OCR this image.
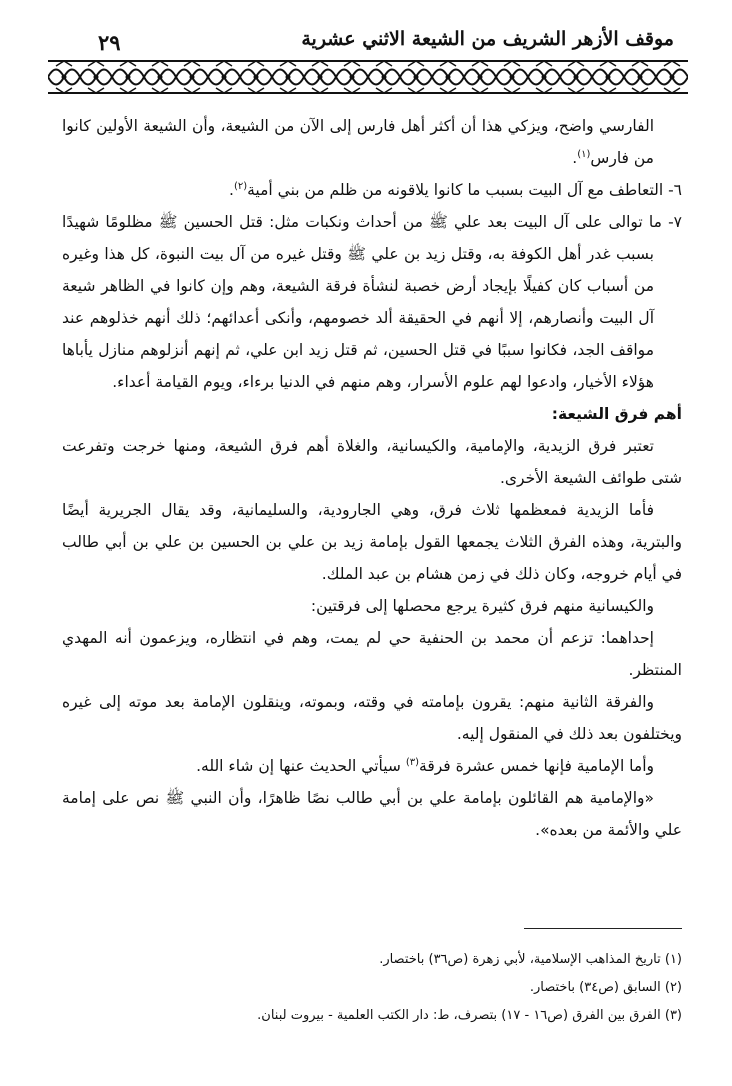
موقف الأزهر الشريف من الشيعة الاثني عشرية
٢٩

الفارسي واضح، ويزكي هذا أن أكثر أهل فارس إلى الآن من الشيعة، وأن الشيعة الأولين كانوا من فارس$^{(١)}$.

٦- التعاطف مع آل البيت بسبب ما كانوا يلاقونه من ظلم من بني أمية$^{(٢)}$.

٧- ما توالى على آل البيت بعد علي ﷺ من أحداث ونكبات مثل: قتل الحسين ﷺ مظلومًا شهيدًا بسبب غدر أهل الكوفة به، وقتل زيد بن علي ﷺ وقتل غيره من آل بيت النبوة، كل هذا وغيره من أسباب كان كفيلًا بإيجاد أرض خصبة لنشأة فرقة الشيعة، وهم وإن كانوا في الظاهر شيعة آل البيت وأنصارهم، إلا أنهم في الحقيقة ألد خصومهم، وأنكى أعدائهم؛ ذلك أنهم خذلوهم عند مواقف الجد، فكانوا سببًا في قتل الحسين، ثم قتل زيد ابن علي، ثم إنهم أنزلوهم منازل يأباها هؤلاء الأخيار، وادعوا لهم علوم الأسرار، وهم منهم في الدنيا برءاء، ويوم القيامة أعداء.

أهم فرق الشيعة:

تعتبر فرق الزيدية، والإمامية، والكيسانية، والغلاة أهم فرق الشيعة، ومنها خرجت وتفرعت شتى طوائف الشيعة الأخرى.

فأما الزيدية فمعظمها ثلاث فرق، وهي الجارودية، والسليمانية، وقد يقال الجريرية أيضًا والبترية، وهذه الفرق الثلاث يجمعها القول بإمامة زيد بن علي بن الحسين بن علي بن أبي طالب في أيام خروجه، وكان ذلك في زمن هشام بن عبد الملك.

والكيسانية منهم فرق كثيرة يرجع محصلها إلى فرقتين:

إحداهما: تزعم أن محمد بن الحنفية حي لم يمت، وهم في انتظاره، ويزعمون أنه المهدي المنتظر.

والفرقة الثانية منهم: يقرون بإمامته في وقته، وبموته، وينقلون الإمامة بعد موته إلى غيره ويختلفون بعد ذلك في المنقول إليه.

وأما الإمامية فإنها خمس عشرة فرقة$^{(٣)}$ سيأتي الحديث عنها إن شاء الله.

«والإمامية هم القائلون بإمامة علي بن أبي طالب نصًا ظاهرًا، وأن النبي ﷺ نص على إمامة علي والأئمة من بعده».

(١) تاريخ المذاهب الإسلامية، لأبي زهرة (ص٣٦) باختصار.

(٢) السابق (ص٣٤) باختصار.

(٣) الفرق بين الفرق (ص١٦ - ١٧) بتصرف، ط: دار الكتب العلمية - بيروت لبنان.
